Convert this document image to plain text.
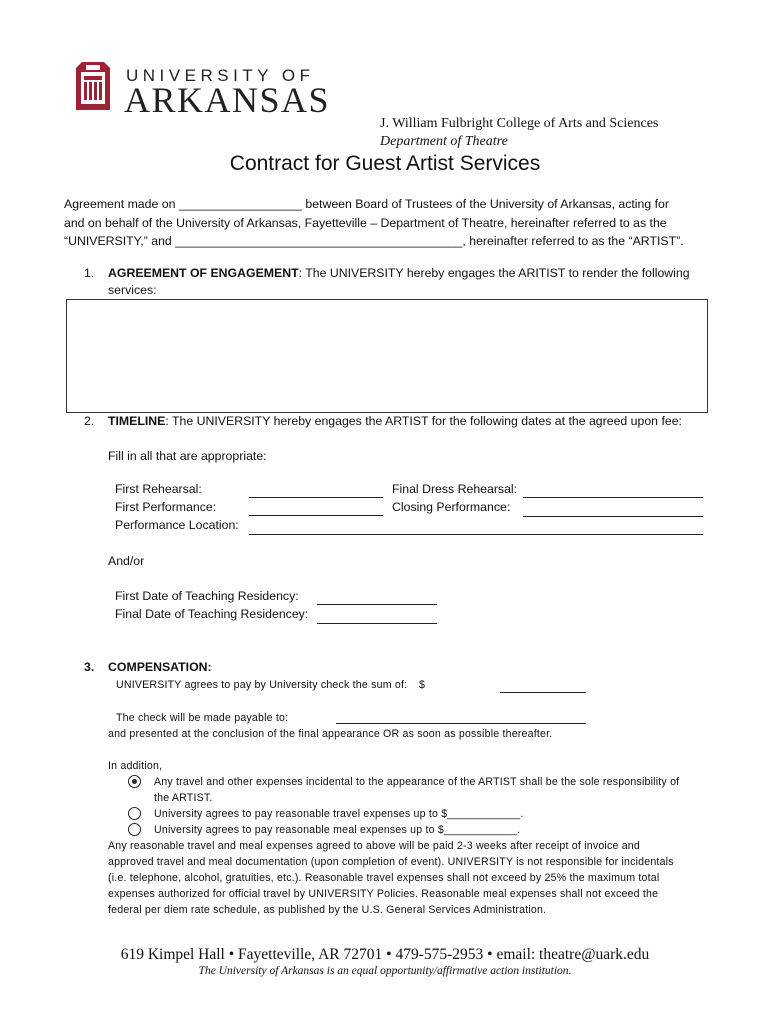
UNIVERSITY OF
ARKANSAS
J. William Fulbright College of Arts and Sciences
Department of Theatre
Contract for Guest Artist Services
Agreement made on __________________ between Board of Trustees of the University of Arkansas, acting for
and on behalf of the University of Arkansas, Fayetteville – Department of Theatre, hereinafter referred to as the
“UNIVERSITY,” and __________________________________________, hereinafter referred to as the “ARTIST”.
1. AGREEMENT OF ENGAGEMENT: The UNIVERSITY hereby engages the ARITIST to render the following
services:
2. TIMELINE: The UNIVERSITY hereby engages the ARTIST for the following dates at the agreed upon fee:
Fill in all that are appropriate:
First Rehearsal:	Final Dress Rehearsal:
First Performance:	Closing Performance:
Performance Location:
And/or
First Date of Teaching Residency:
Final Date of Teaching Residencey:
3. COMPENSATION:
UNIVERSITY agrees to pay by University check the sum of: $
The check will be made payable to:
and presented at the conclusion of the final appearance OR as soon as possible thereafter.
In addition,
Any travel and other expenses incidental to the appearance of the ARTIST shall be the sole responsibility of
the ARTIST.
University agrees to pay reasonable travel expenses up to $____________.
University agrees to pay reasonable meal expenses up to $____________.
Any reasonable travel and meal expenses agreed to above will be paid 2-3 weeks after receipt of invoice and
approved travel and meal documentation (upon completion of event). UNIVERSITY is not responsible for incidentals
(i.e. telephone, alcohol, gratuities, etc.). Reasonable travel expenses shall not exceed by 25% the maximum total
expenses authorized for official travel by UNIVERSITY Policies. Reasonable meal expenses shall not exceed the
federal per diem rate schedule, as published by the U.S. General Services Administration.
619 Kimpel Hall • Fayetteville, AR 72701 • 479-575-2953 • email: theatre@uark.edu
The University of Arkansas is an equal opportunity/affirmative action institution.
